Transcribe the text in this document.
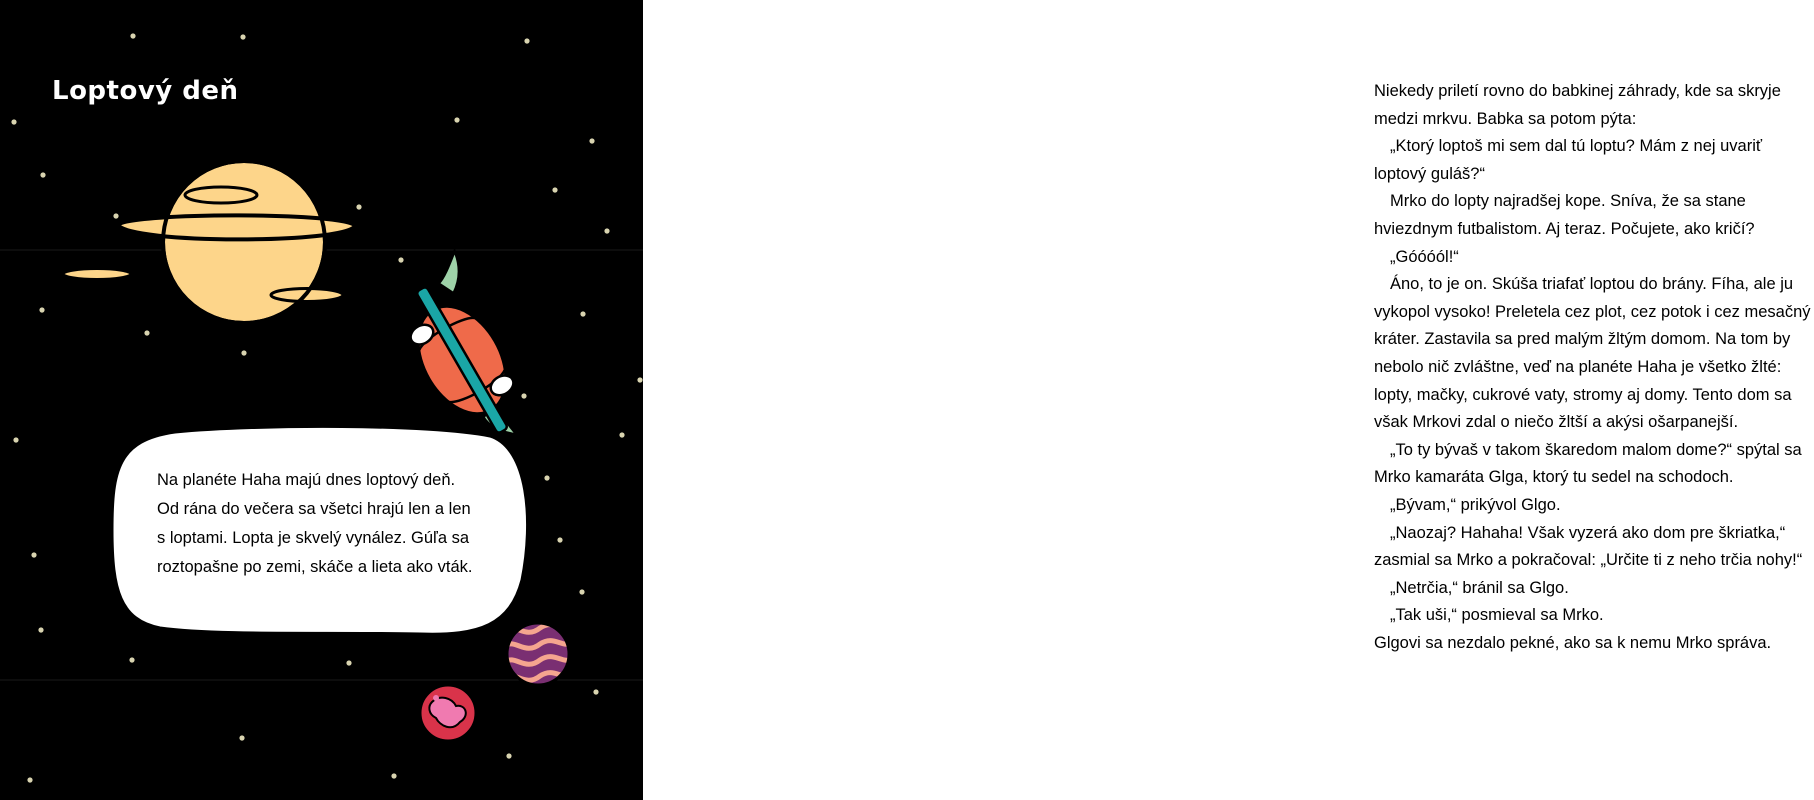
Loptový deň

Na planéte Haha majú dnes loptový deň.

Od rána do večera sa všetci hrajú len a len

s loptami. Lopta je skvelý vynález. Gúľa sa

roztopašne po zemi, skáče a lieta ako vták.

Niekedy priletí rovno do babkinej záhrady, kde sa skryje

medzi mrkvu. Babka sa potom pýta:

„Ktorý loptoš mi sem dal tú loptu? Mám z nej uvariť

loptový guláš?“

Mrko do lopty najradšej kope. Sníva, že sa stane

hviezdnym futbalistom. Aj teraz. Počujete, ako kričí?

„Góóóól!“

Áno, to je on. Skúša triafať loptou do brány. Fíha, ale ju

vykopol vysoko! Preletela cez plot, cez potok i cez mesačný

kráter. Zastavila sa pred malým žltým domom. Na tom by

nebolo nič zvláštne, veď na planéte Haha je všetko žlté:

lopty, mačky, cukrové vaty, stromy aj domy. Tento dom sa

však Mrkovi zdal o niečo žltší a akýsi ošarpanejší.

„To ty bývaš v takom škaredom malom dome?“ spýtal sa

Mrko kamaráta Glga, ktorý tu sedel na schodoch.

„Bývam,“ prikývol Glgo.

„Naozaj? Hahaha! Však vyzerá ako dom pre škriatka,“

zasmial sa Mrko a pokračoval: „Určite ti z neho trčia nohy!“

„Netrčia,“ bránil sa Glgo.

„Tak uši,“ posmieval sa Mrko.

Glgovi sa nezdalo pekné, ako sa k nemu Mrko správa.
